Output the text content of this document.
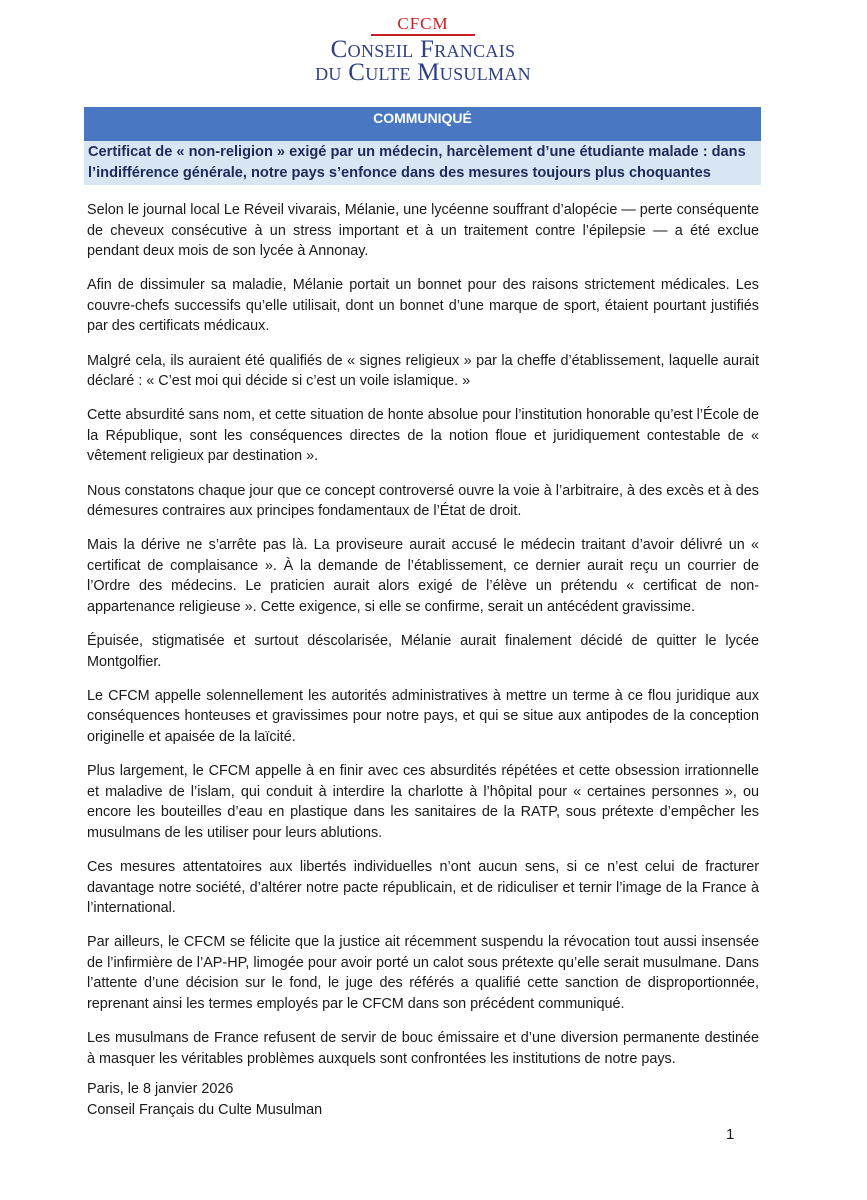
CFCM
Conseil Francais
du Culte Musulman
COMMUNIQUÉ
Certificat de « non-religion » exigé par un médecin, harcèlement d’une étudiante malade : dans l’indifférence générale, notre pays s’enfonce dans des mesures toujours plus choquantes

Selon le journal local Le Réveil vivarais, Mélanie, une lycéenne souffrant d’alopécie — perte conséquente de cheveux consécutive à un stress important et à un traitement contre l’épilepsie — a été exclue pendant deux mois de son lycée à Annonay.

Afin de dissimuler sa maladie, Mélanie portait un bonnet pour des raisons strictement médicales. Les couvre-chefs successifs qu’elle utilisait, dont un bonnet d’une marque de sport, étaient pourtant justifiés par des certificats médicaux.

Malgré cela, ils auraient été qualifiés de « signes religieux » par la cheffe d’établissement, laquelle aurait déclaré : « C’est moi qui décide si c’est un voile islamique. »

Cette absurdité sans nom, et cette situation de honte absolue pour l’institution honorable qu’est l’École de la République, sont les conséquences directes de la notion floue et juridiquement contestable de « vêtement religieux par destination ».

Nous constatons chaque jour que ce concept controversé ouvre la voie à l’arbitraire, à des excès et à des démesures contraires aux principes fondamentaux de l’État de droit.

Mais la dérive ne s’arrête pas là. La proviseure aurait accusé le médecin traitant d’avoir délivré un « certificat de complaisance ». À la demande de l’établissement, ce dernier aurait reçu un courrier de l’Ordre des médecins. Le praticien aurait alors exigé de l’élève un prétendu « certificat de non-appartenance religieuse ». Cette exigence, si elle se confirme, serait un antécédent gravissime.

Épuisée, stigmatisée et surtout déscolarisée, Mélanie aurait finalement décidé de quitter le lycée Montgolfier.

Le CFCM appelle solennellement les autorités administratives à mettre un terme à ce flou juridique aux conséquences honteuses et gravissimes pour notre pays, et qui se situe aux antipodes de la conception originelle et apaisée de la laïcité.

Plus largement, le CFCM appelle à en finir avec ces absurdités répétées et cette obsession irrationnelle et maladive de l’islam, qui conduit à interdire la charlotte à l’hôpital pour « certaines personnes », ou encore les bouteilles d’eau en plastique dans les sanitaires de la RATP, sous prétexte d’empêcher les musulmans de les utiliser pour leurs ablutions.

Ces mesures attentatoires aux libertés individuelles n’ont aucun sens, si ce n’est celui de fracturer davantage notre société, d’altérer notre pacte républicain, et de ridiculiser et ternir l’image de la France à l’international.

Par ailleurs, le CFCM se félicite que la justice ait récemment suspendu la révocation tout aussi insensée de l’infirmière de l’AP-HP, limogée pour avoir porté un calot sous prétexte qu’elle serait musulmane. Dans l’attente d’une décision sur le fond, le juge des référés a qualifié cette sanction de disproportionnée, reprenant ainsi les termes employés par le CFCM dans son précédent communiqué.

Les musulmans de France refusent de servir de bouc émissaire et d’une diversion permanente destinée à masquer les véritables problèmes auxquels sont confrontées les institutions de notre pays.

Paris, le 8 janvier 2026
Conseil Français du Culte Musulman
1
